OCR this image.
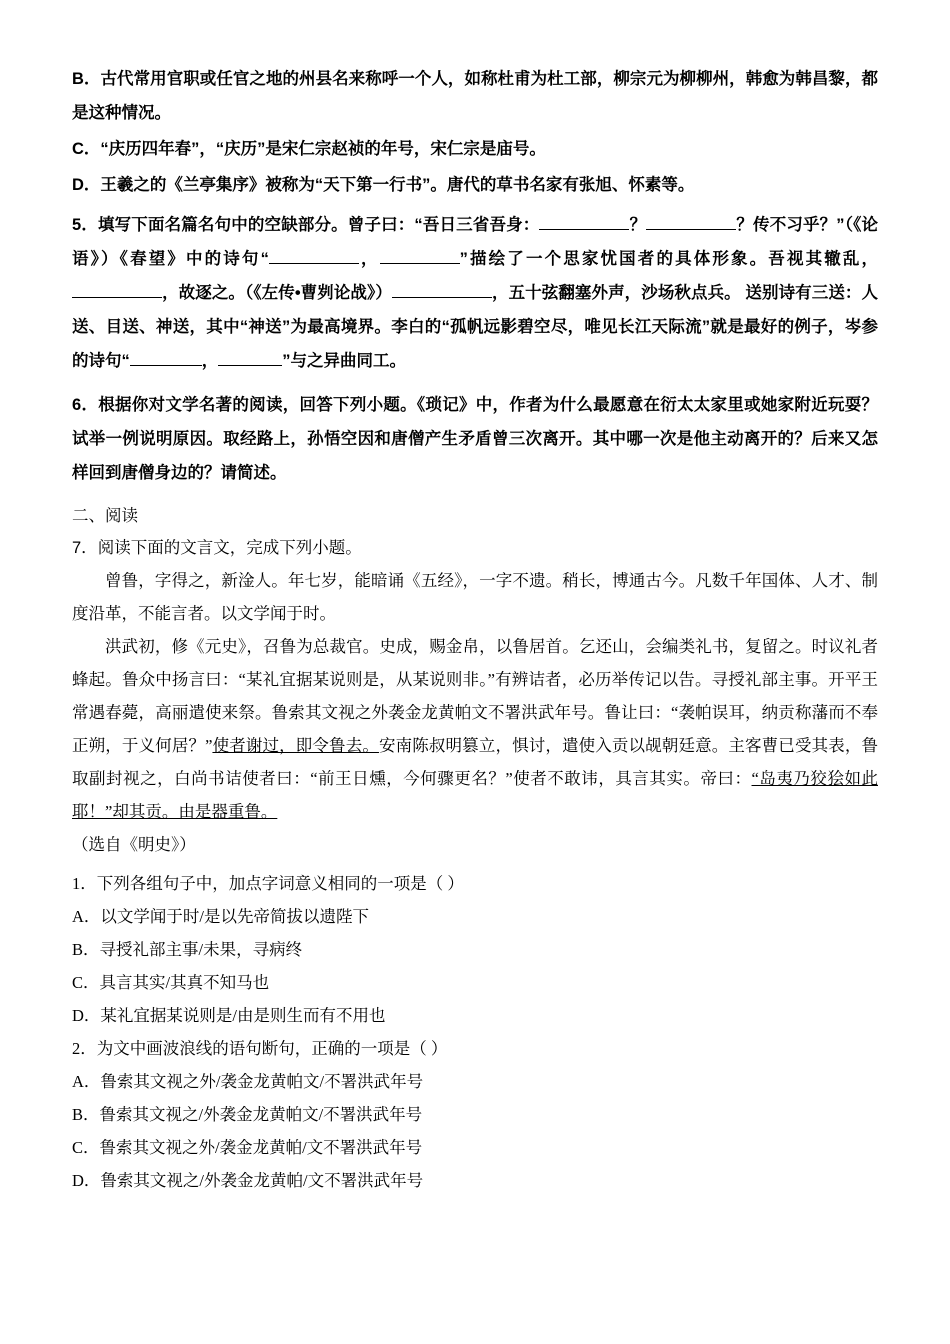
B．古代常用官职或任官之地的州县名来称呼一个人，如称杜甫为杜工部，柳宗元为柳柳州，韩愈为韩昌黎，都是这种情况。
C．“庆历四年春”，“庆历”是宋仁宗赵祯的年号，宋仁宗是庙号。
D．王羲之的《兰亭集序》被称为“天下第一行书”。唐代的草书名家有张旭、怀素等。
5．填写下面名篇名句中的空缺部分。曾子曰：“吾日三省吾身：	？	？传不习乎？”（《论语》）《春望》中的诗句“	，	”描绘了一个思家忧国者的具体形象。吾视其辙乱，，故逐之。（《左传•曹刿论战》）	，五十弦翻塞外声，沙场秋点兵。 送别诗有三送：人送、目送、神送，其中“神送”为最高境界。李白的“孤帆远影碧空尽，唯见长江天际流”就是最好的例子，岑参的诗句“	，	”与之异曲同工。
6．根据你对文学名著的阅读，回答下列小题。《琐记》中，作者为什么最愿意在衍太太家里或她家附近玩耍？试举一例说明原因。取经路上，孙悟空因和唐僧产生矛盾曾三次离开。其中哪一次是他主动离开的？后来又怎样回到唐僧身边的？请简述。
二、阅读
7．阅读下面的文言文，完成下列小题。
曾鲁，字得之，新淦人。年七岁，能暗诵《五经》，一字不遗。稍长，博通古今。凡数千年国体、人才、制度沿革，不能言者。以文学闻于时。
洪武初，修《元史》，召鲁为总裁官。史成，赐金帛，以鲁居首。乞还山，会编类礼书，复留之。时议礼者蜂起。鲁众中扬言曰：“某礼宜据某说则是，从某说则非。”有辨诘者，必历举传记以告。寻授礼部主事。开平王常遇春薨，高丽遣使来祭。鲁索其文视之外袭金龙黄帕文不署洪武年号。鲁让曰：“袭帕误耳，纳贡称藩而不奉正朔，于义何居？”使者谢过，即令鲁去。安南陈叔明篡立，惧讨，遣使入贡以觇朝廷意。主客曹已受其表，鲁取副封视之，白尚书诘使者曰：“前王日燻，今何骤更名？”使者不敢讳，具言其实。帝曰：“岛夷乃狡狯如此耶！”却其贡。由是器重鲁。
（选自《明史》）
1．下列各组句子中，加点字词意义相同的一项是（ ）
A．以文学闻于时/是以先帝简拔以遗陛下
B．寻授礼部主事/未果，寻病终
C．具言其实/其真不知马也
D．某礼宜据某说则是/由是则生而有不用也
2．为文中画波浪线的语句断句，正确的一项是（ ）
A．鲁索其文视之外/袭金龙黄帕文/不署洪武年号
B．鲁索其文视之/外袭金龙黄帕文/不署洪武年号
C．鲁索其文视之外/袭金龙黄帕/文不署洪武年号
D．鲁索其文视之/外袭金龙黄帕/文不署洪武年号
